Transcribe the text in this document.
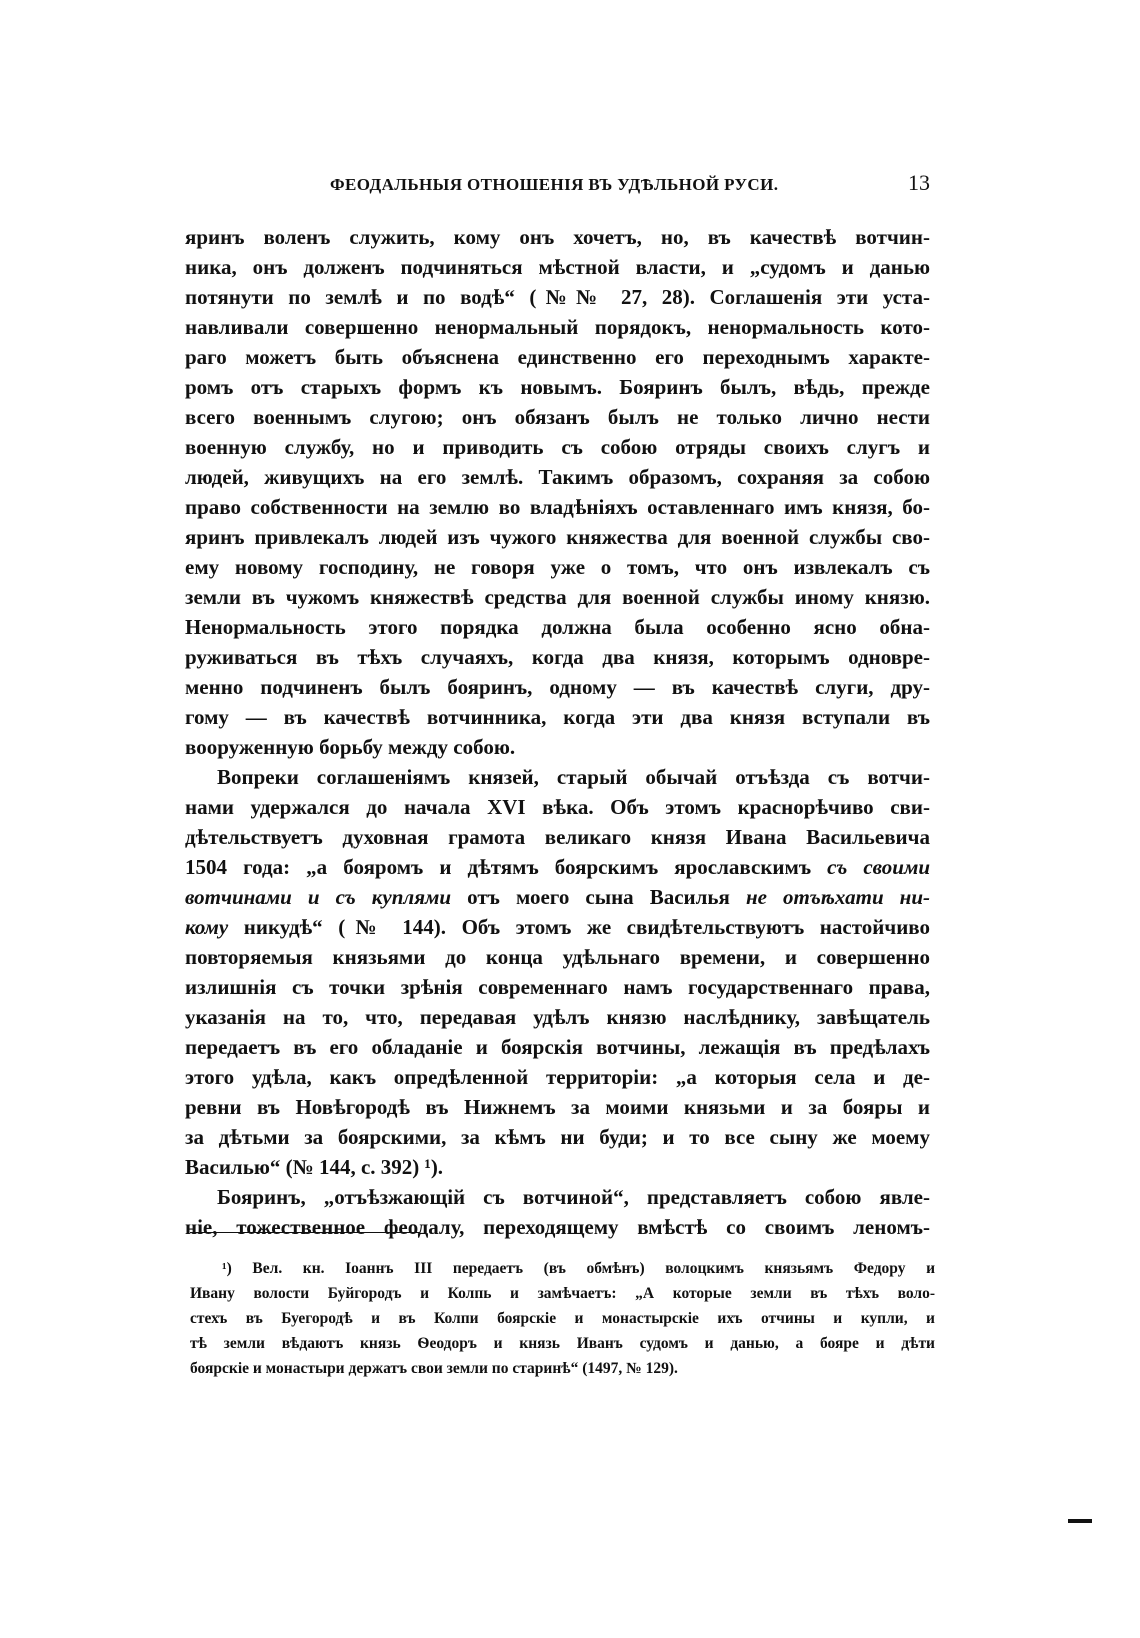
ФЕОДАЛЬНЫЯ ОТНОШЕНІЯ ВЪ УДѢЛЬНОЙ РУСИ.	13

яринъ воленъ служить, кому онъ хочетъ, но, въ качествѣ вотчин-

ника, онъ долженъ подчиняться мѣстной власти, и „судомъ и данью

потянути по землѣ и по водѣ“ (№№ 27, 28). Соглашенія эти уста-

навливали совершенно ненормальный порядокъ, ненормальность кото-

раго можетъ быть объяснена единственно его переходнымъ характе-

ромъ отъ старыхъ формъ къ новымъ. Бояринъ былъ, вѣдь, прежде

всего военнымъ слугою; онъ обязанъ былъ не только лично нести

военную службу, но и приводить съ собою отряды своихъ слугъ и

людей, живущихъ на его землѣ. Такимъ образомъ, сохраняя за собою

право собственности на землю во владѣніяхъ оставленнаго имъ князя, бо-

яринъ привлекалъ людей изъ чужого княжества для военной службы сво-

ему новому господину, не говоря уже о томъ, что онъ извлекалъ съ

земли въ чужомъ княжествѣ средства для военной службы иному князю.

Ненормальность этого порядка должна была особенно ясно обна-

руживаться въ тѣхъ случаяхъ, когда два князя, которымъ одновре-

менно подчиненъ былъ бояринъ, одному — въ качествѣ слуги, дру-

гому — въ качествѣ вотчинника, когда эти два князя вступали въ

вооруженную борьбу между собою.

Вопреки соглашеніямъ князей, старый обычай отъѣзда съ вотчи-

нами удержался до начала XVI вѣка. Объ этомъ краснорѣчиво сви-

дѣтельствуетъ духовная грамота великаго князя Ивана Васильевича

1504 года: „а бояромъ и дѣтямъ боярскимъ ярославскимъ съ своими

вотчинами и съ куплями отъ моего сына Василья не отъѣхати ни-

кому никудѣ“ (№ 144). Объ этомъ же свидѣтельствуютъ настойчиво

повторяемыя князьями до конца удѣльнаго времени, и совершенно

излишнія съ точки зрѣнія современнаго намъ государственнаго права,

указанія на то, что, передавая удѣлъ князю наслѣднику, завѣщатель

передаетъ въ его обладаніе и боярскія вотчины, лежащія въ предѣлахъ

этого удѣла, какъ опредѣленной территоріи: „а которыя села и де-

ревни въ Новѣгородѣ въ Нижнемъ за моими князьми и за бояры и

за дѣтьми за боярскими, за кѣмъ ни буди; и то все сыну же моему

Василью“ (№ 144, с. 392) ¹).

Бояринъ, „отъѣзжающій съ вотчиной“, представляетъ собою явле-

ніе, тожественное феодалу, переходящему вмѣстѣ со своимъ леномъ-

¹) Вел. кн. Іоаннъ III передаетъ (въ обмѣнъ) волоцкимъ князьямъ Федору и

Ивану волости Буйгородъ и Колпь и замѣчаетъ: „А которые земли въ тѣхъ воло-

стехъ въ Буегородѣ и въ Колпи боярскіе и монастырскіе ихъ отчины и купли, и

тѣ земли вѣдаютъ князь Ѳеодоръ и князь Иванъ судомъ и данью, а бояре и дѣти

боярскіе и монастыри держатъ свои земли по старинѣ“ (1497, № 129).
